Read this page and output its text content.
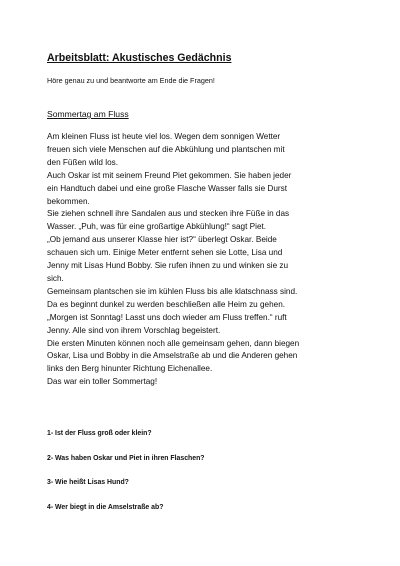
Arbeitsblatt: Akustisches Gedächnis
Höre genau zu und beantworte am Ende die Fragen!
Sommertag am Fluss
Am kleinen Fluss ist heute viel los. Wegen dem sonnigen Wetter
freuen sich viele Menschen auf die Abkühlung und plantschen mit
den Füßen wild los.
Auch Oskar ist mit seinem Freund Piet gekommen. Sie haben jeder
ein Handtuch dabei und eine große Flasche Wasser falls sie Durst
bekommen.
Sie ziehen schnell ihre Sandalen aus und stecken ihre Füße in das
Wasser. „Puh, was für eine großartige Abkühlung!“ sagt Piet.
„Ob jemand aus unserer Klasse hier ist?“ überlegt Oskar. Beide
schauen sich um. Einige Meter entfernt sehen sie Lotte, Lisa und
Jenny mit Lisas Hund Bobby. Sie rufen ihnen zu und winken sie zu
sich.
Gemeinsam plantschen sie im kühlen Fluss bis alle klatschnass sind.
Da es beginnt dunkel zu werden beschließen alle Heim zu gehen.
„Morgen ist Sonntag! Lasst uns doch wieder am Fluss treffen.“ ruft
Jenny. Alle sind von ihrem Vorschlag begeistert.
Die ersten Minuten können noch alle gemeinsam gehen, dann biegen
Oskar, Lisa und Bobby in die Amselstraße ab und die Anderen gehen
links den Berg hinunter Richtung Eichenallee.
Das war ein toller Sommertag!
1- Ist der Fluss groß oder klein?
2- Was haben Oskar und Piet in ihren Flaschen?
3- Wie heißt Lisas Hund?
4- Wer biegt in die Amselstraße ab?
